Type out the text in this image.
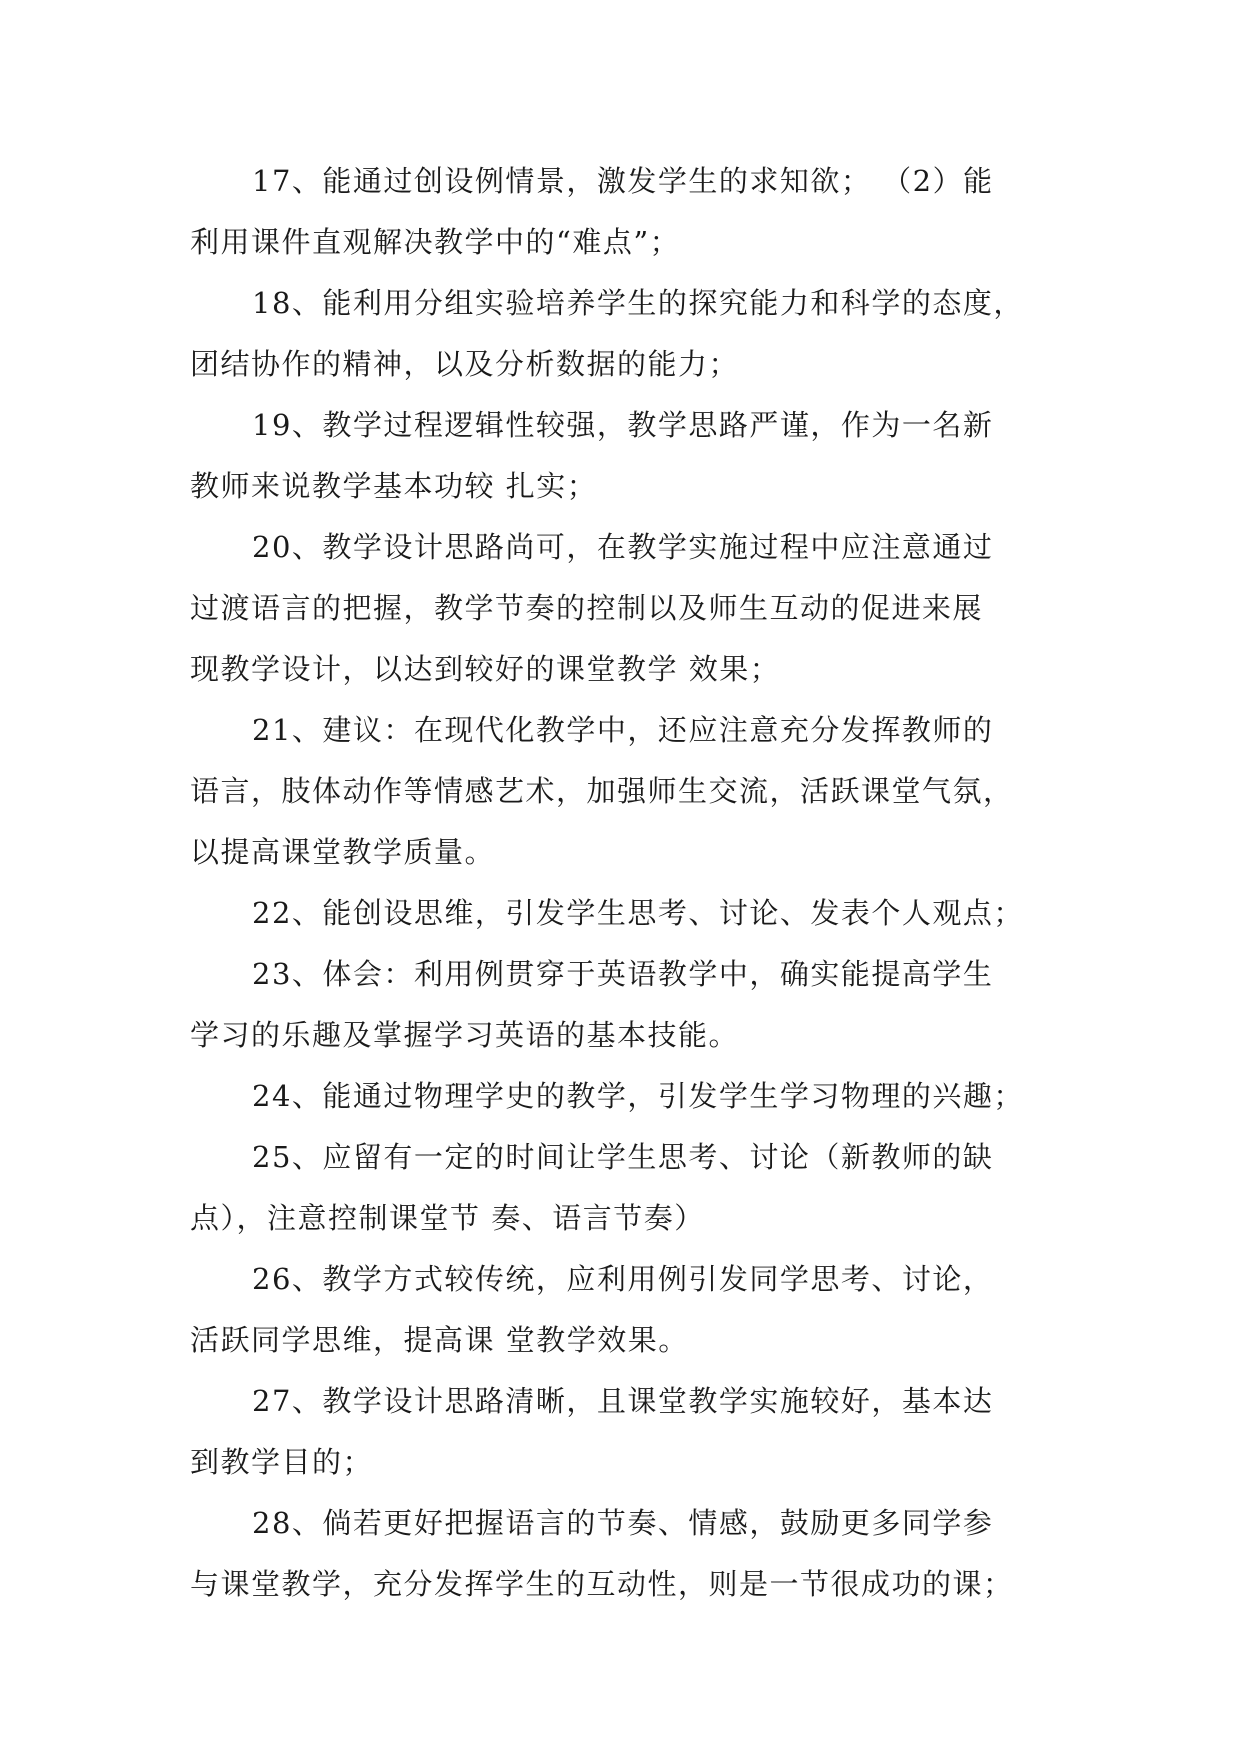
17、能通过创设例情景，激发学生的求知欲； （2）能
利用课件直观解决教学中的“难点”；
18、能利用分组实验培养学生的探究能力和科学的态度，
团结协作的精神，以及分析数据的能力；
19、教学过程逻辑性较强，教学思路严谨，作为一名新
教师来说教学基本功较 扎实；
20、教学设计思路尚可，在教学实施过程中应注意通过
过渡语言的把握，教学节奏的控制以及师生互动的促进来展
现教学设计，以达到较好的课堂教学 效果；
21、建议：在现代化教学中，还应注意充分发挥教师的
语言，肢体动作等情感艺术，加强师生交流，活跃课堂气氛，
以提高课堂教学质量。
22、能创设思维，引发学生思考、讨论、发表个人观点；
23、体会：利用例贯穿于英语教学中，确实能提高学生
学习的乐趣及掌握学习英语的基本技能。
24、能通过物理学史的教学，引发学生学习物理的兴趣；
25、应留有一定的时间让学生思考、讨论（新教师的缺
点），注意控制课堂节 奏、语言节奏）
26、教学方式较传统，应利用例引发同学思考、讨论，
活跃同学思维，提高课 堂教学效果。
27、教学设计思路清晰，且课堂教学实施较好，基本达
到教学目的；
28、倘若更好把握语言的节奏、情感，鼓励更多同学参
与课堂教学，充分发挥学生的互动性，则是一节很成功的课；
